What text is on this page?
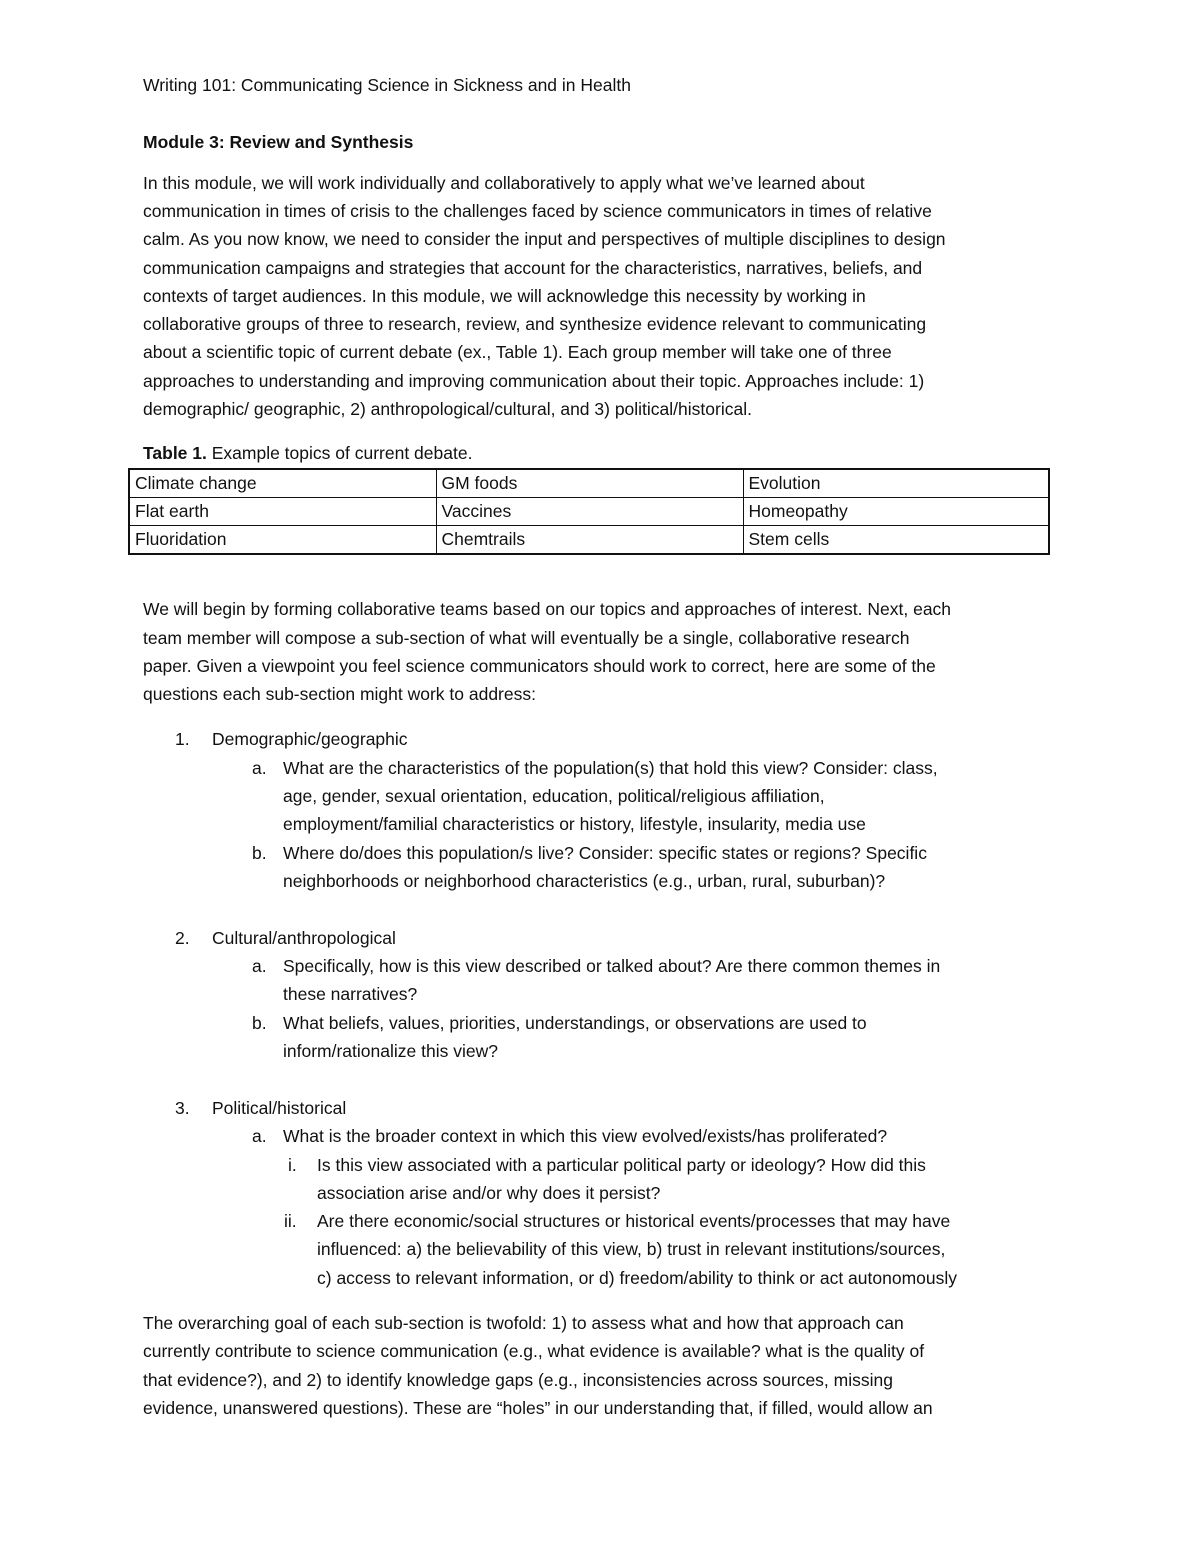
Writing 101: Communicating Science in Sickness and in Health
Module 3: Review and Synthesis
In this module, we will work individually and collaboratively to apply what we’ve learned about
communication in times of crisis to the challenges faced by science communicators in times of relative
calm. As you now know, we need to consider the input and perspectives of multiple disciplines to design
communication campaigns and strategies that account for the characteristics, narratives, beliefs, and
contexts of target audiences. In this module, we will acknowledge this necessity by working in
collaborative groups of three to research, review, and synthesize evidence relevant to communicating
about a scientific topic of current debate (ex., Table 1). Each group member will take one of three
approaches to understanding and improving communication about their topic. Approaches include: 1)
demographic/ geographic, 2) anthropological/cultural, and 3) political/historical.
Table 1. Example topics of current debate.
Climate change	GM foods	Evolution
Flat earth	Vaccines	Homeopathy
Fluoridation	Chemtrails	Stem cells
We will begin by forming collaborative teams based on our topics and approaches of interest. Next, each
team member will compose a sub-section of what will eventually be a single, collaborative research
paper. Given a viewpoint you feel science communicators should work to correct, here are some of the
questions each sub-section might work to address:
1. Demographic/geographic
a. What are the characteristics of the population(s) that hold this view? Consider: class,
age, gender, sexual orientation, education, political/religious affiliation,
employment/familial characteristics or history, lifestyle, insularity, media use
b. Where do/does this population/s live? Consider: specific states or regions? Specific
neighborhoods or neighborhood characteristics (e.g., urban, rural, suburban)?
2. Cultural/anthropological
a. Specifically, how is this view described or talked about? Are there common themes in
these narratives?
b. What beliefs, values, priorities, understandings, or observations are used to
inform/rationalize this view?
3. Political/historical
a. What is the broader context in which this view evolved/exists/has proliferated?
i. Is this view associated with a particular political party or ideology? How did this
association arise and/or why does it persist?
ii. Are there economic/social structures or historical events/processes that may have
influenced: a) the believability of this view, b) trust in relevant institutions/sources,
c) access to relevant information, or d) freedom/ability to think or act autonomously
The overarching goal of each sub-section is twofold: 1) to assess what and how that approach can
currently contribute to science communication (e.g., what evidence is available? what is the quality of
that evidence?), and 2) to identify knowledge gaps (e.g., inconsistencies across sources, missing
evidence, unanswered questions). These are “holes” in our understanding that, if filled, would allow an
